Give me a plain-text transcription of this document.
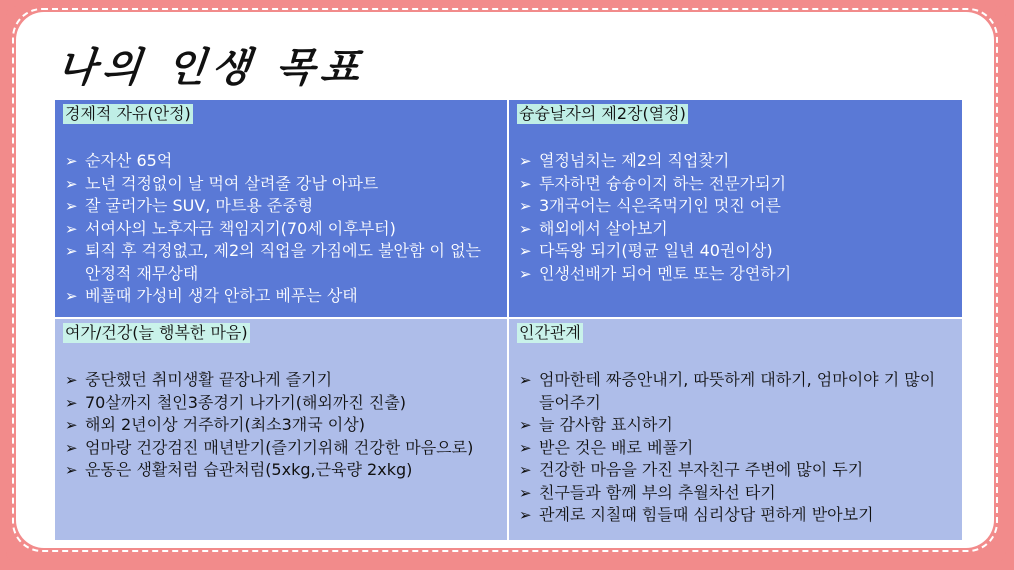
나의 인생 목표
경제적 자유(안정)
➢ 순자산 65억
➢ 노년 걱정없이 날 먹여 살려줄 강남 아파트
➢ 잘 굴러가는 SUV, 마트용 준중형
➢ 서여사의 노후자금 책임지기(70세 이후부터)
➢ 퇴직 후 걱정없고, 제2의 직업을 가짐에도 불안함 이 없는 안정적 재무상태
➢ 베풀때 가성비 생각 안하고 베푸는 상태
슝슝날자의 제2장(열정)
➢ 열정넘치는 제2의 직업찾기
➢ 투자하면 슝슝이지 하는 전문가되기
➢ 3개국어는 식은죽먹기인 멋진 어른
➢ 해외에서 살아보기
➢ 다독왕 되기(평균 일년 40권이상)
➢ 인생선배가 되어 멘토 또는 강연하기
여가/건강(늘 행복한 마음)
➢ 중단했던 취미생활 끝장나게 즐기기
➢ 70살까지 철인3종경기 나가기(해외까진 진출)
➢ 해외 2년이상 거주하기(최소3개국 이상)
➢ 엄마랑 건강검진 매년받기(즐기기위해 건강한 마음으로)
➢ 운동은 생활처럼 습관처럼(5xkg,근육량 2xkg)
인간관계
➢ 엄마한테 짜증안내기, 따뜻하게 대하기, 엄마이야 기 많이 들어주기
➢ 늘 감사함 표시하기
➢ 받은 것은 배로 베풀기
➢ 건강한 마음을 가진 부자친구 주변에 많이 두기
➢ 친구들과 함께 부의 추월차선 타기
➢ 관계로 지칠때 힘들때 심리상담 편하게 받아보기
